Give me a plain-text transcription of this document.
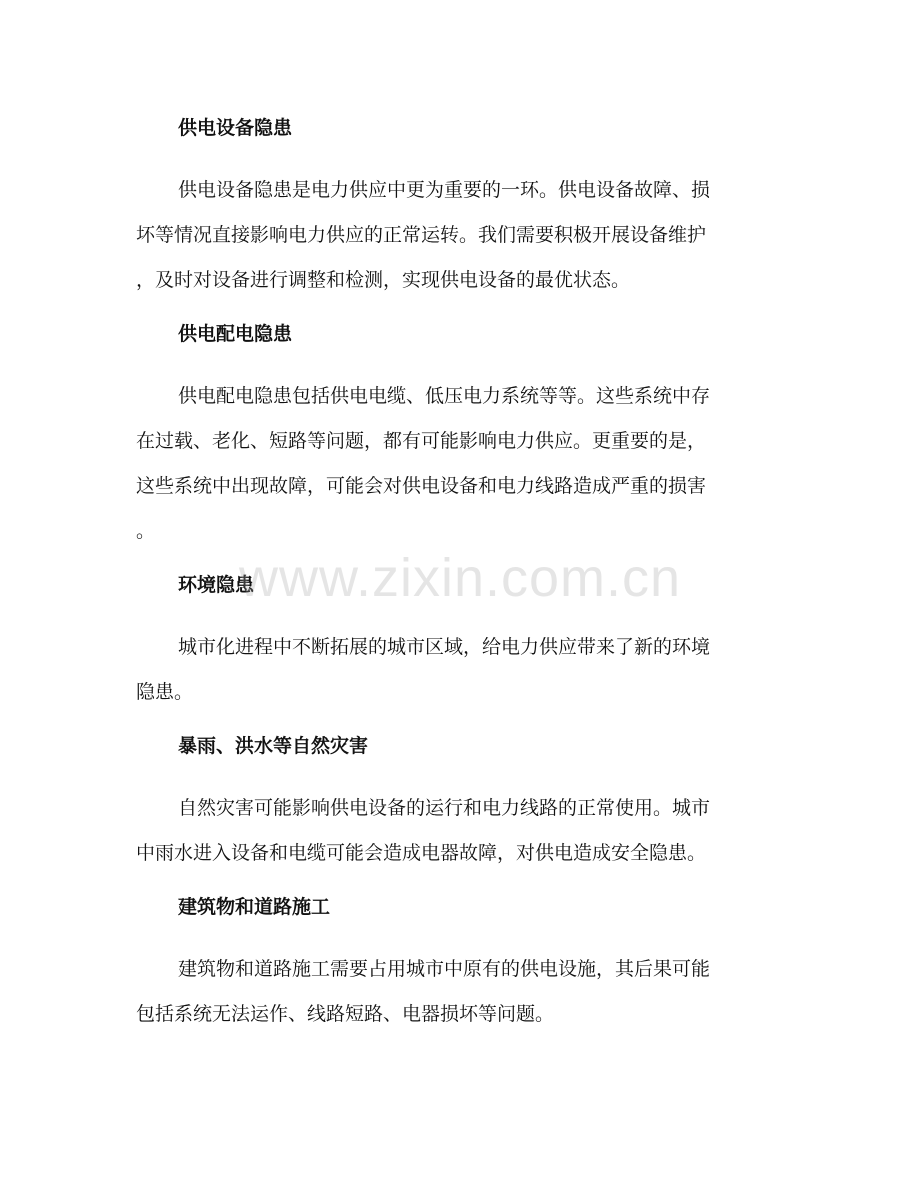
供电设备隐患
供电设备隐患是电力供应中更为重要的一环。供电设备故障、损
坏等情况直接影响电力供应的正常运转。我们需要积极开展设备维护
，及时对设备进行调整和检测，实现供电设备的最优状态。
供电配电隐患
供电配电隐患包括供电电缆、低压电力系统等等。这些系统中存
在过载、老化、短路等问题，都有可能影响电力供应。更重要的是，
这些系统中出现故障，可能会对供电设备和电力线路造成严重的损害
。
环境隐患
城市化进程中不断拓展的城市区域，给电力供应带来了新的环境
隐患。
暴雨、洪水等自然灾害
自然灾害可能影响供电设备的运行和电力线路的正常使用。城市
中雨水进入设备和电缆可能会造成电器故障，对供电造成安全隐患。
建筑物和道路施工
建筑物和道路施工需要占用城市中原有的供电设施，其后果可能
包括系统无法运作、线路短路、电器损坏等问题。
www.zixin.com.cn
